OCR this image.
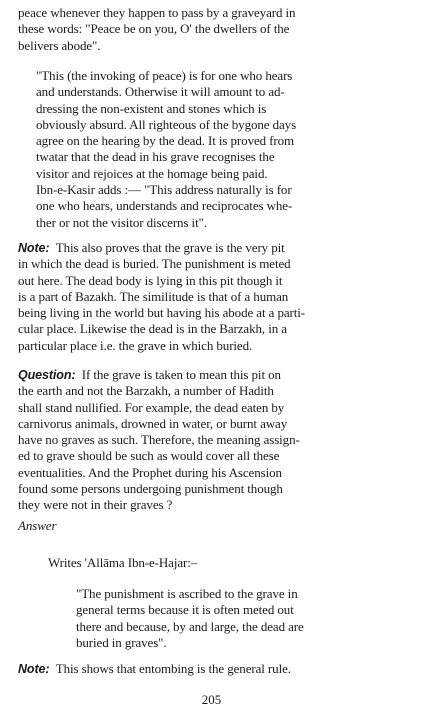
peace whenever they happen to pass by a graveyard in
these words: "Peace be on you, O' the dwellers of the
belivers abode".

"This (the invoking of peace) is for one who hears
and understands. Otherwise it will amount to ad-
dressing the non-existent and stones which is
obviously absurd. All righteous of the bygone days
agree on the hearing by the dead. It is proved from
twatar that the dead in his grave recognises the
visitor and rejoices at the homage being paid.
Ibn-e-Kasir adds :— "This address naturally is for
one who hears, understands and reciprocates whe-
ther or not the visitor discerns it".

Note: This also proves that the grave is the very pit
in which the dead is buried. The punishment is meted
out here. The dead body is lying in this pit though it
is a part of Bazakh. The similitude is that of a human
being living in the world but having his abode at a parti-
cular place. Likewise the dead is in the Barzakh, in a
particular place i.e. the grave in which buried.

Question: If the grave is taken to mean this pit on
the earth and not the Barzakh, a number of Hadith
shall stand nullified. For example, the dead eaten by
carnivorus animals, drowned in water, or burnt away
have no graves as such. Therefore, the meaning assign-
ed to grave should be such as would cover all these
eventualities. And the Prophet during his Ascension
found some persons undergoing punishment though
they were not in their graves ?

Answer

Writes 'Allāma Ibn-e-Hajar:–

"The punishment is ascribed to the grave in
general terms because it is often meted out
there and because, by and large, the dead are
buried in graves".

Note: This shows that entombing is the general rule.

205
